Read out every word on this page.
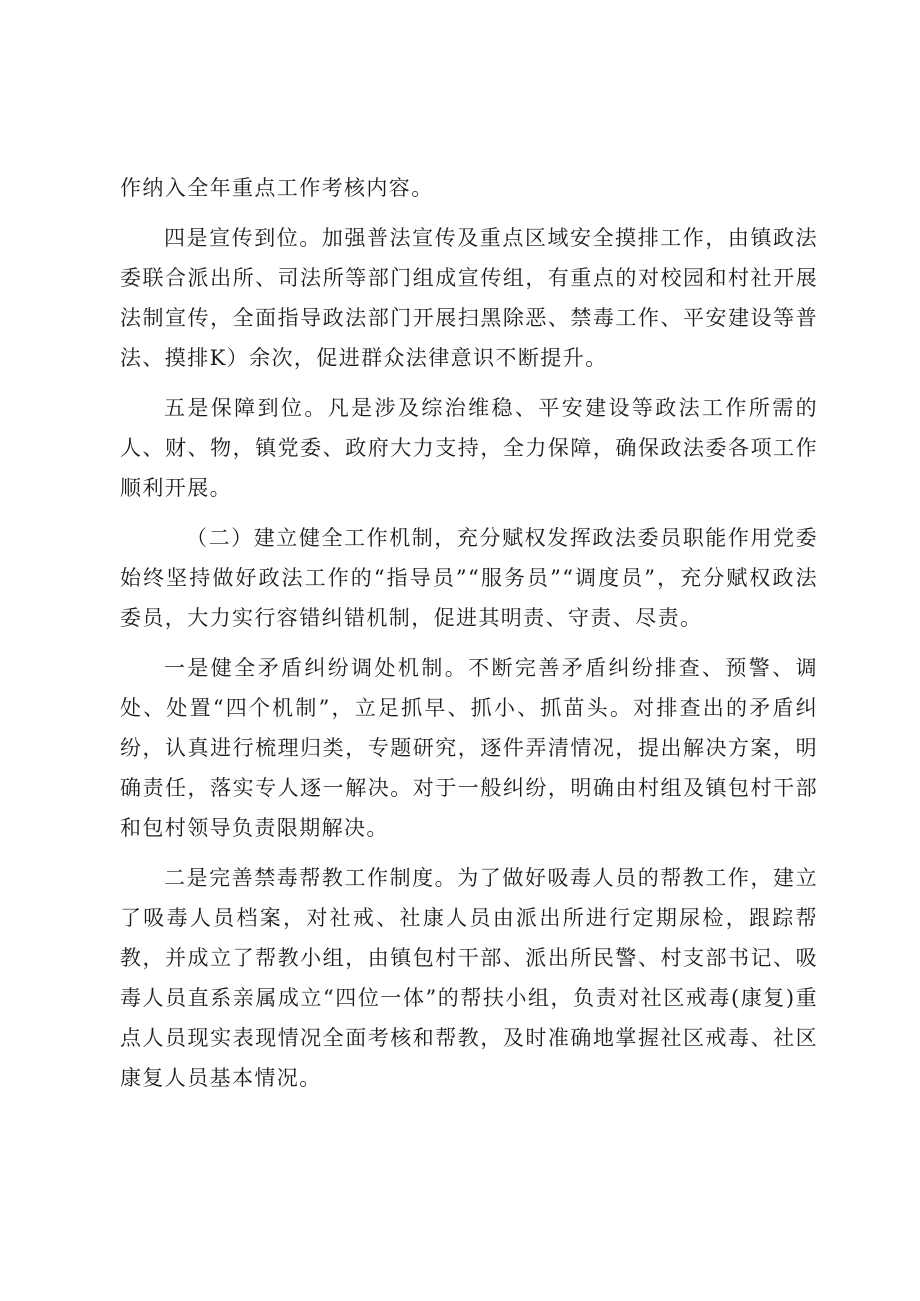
作纳入全年重点工作考核内容。

四是宣传到位。加强普法宣传及重点区域安全摸排工作，由镇政法委联合派出所、司法所等部门组成宣传组，有重点的对校园和村社开展法制宣传，全面指导政法部门开展扫黑除恶、禁毒工作、平安建设等普法、摸排K）余次，促进群众法律意识不断提升。

五是保障到位。凡是涉及综治维稳、平安建设等政法工作所需的人、财、物，镇党委、政府大力支持，全力保障，确保政法委各项工作顺利开展。

（二）建立健全工作机制，充分赋权发挥政法委员职能作用党委始终坚持做好政法工作的“指导员”“服务员”“调度员”，充分赋权政法委员，大力实行容错纠错机制，促进其明责、守责、尽责。

一是健全矛盾纠纷调处机制。不断完善矛盾纠纷排查、预警、调处、处置“四个机制”，立足抓早、抓小、抓苗头。对排查出的矛盾纠纷，认真进行梳理归类，专题研究，逐件弄清情况，提出解决方案，明确责任，落实专人逐一解决。对于一般纠纷，明确由村组及镇包村干部和包村领导负责限期解决。

二是完善禁毒帮教工作制度。为了做好吸毒人员的帮教工作，建立了吸毒人员档案，对社戒、社康人员由派出所进行定期尿检，跟踪帮教，并成立了帮教小组，由镇包村干部、派出所民警、村支部书记、吸毒人员直系亲属成立“四位一体”的帮扶小组，负责对社区戒毒(康复)重点人员现实表现情况全面考核和帮教，及时准确地掌握社区戒毒、社区康复人员基本情况。
